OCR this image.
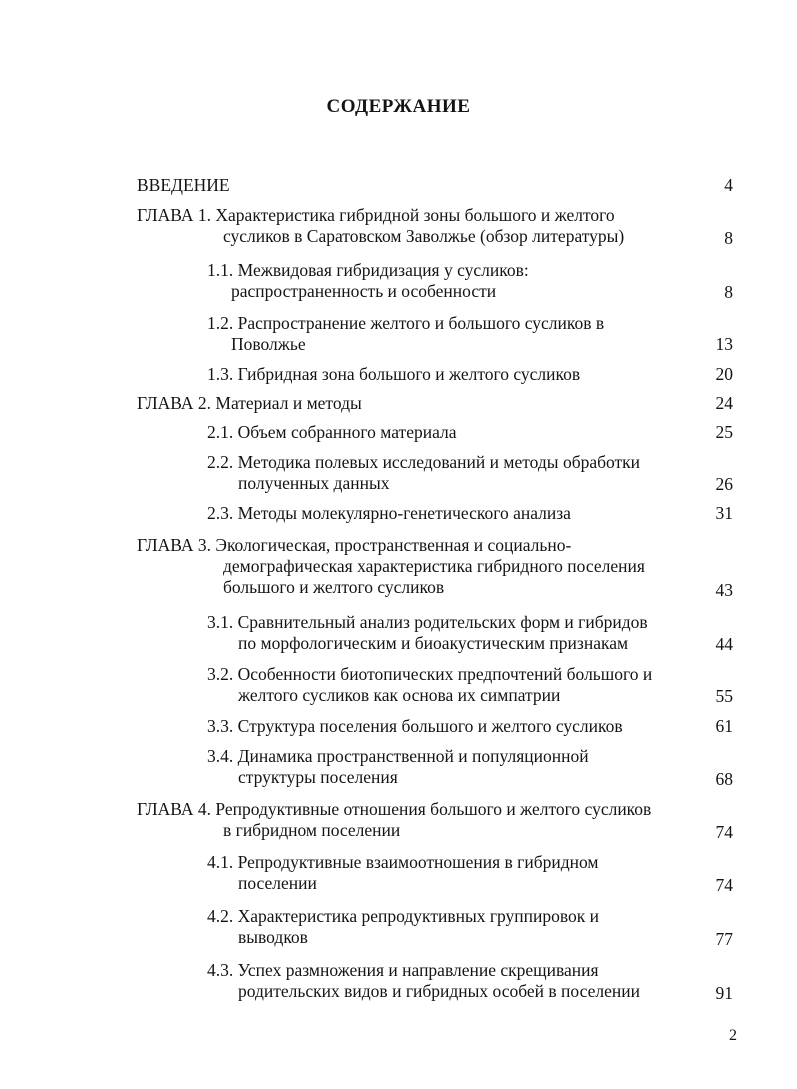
СОДЕРЖАНИЕ
ВВЕДЕНИЕ	4
ГЛАВА 1. Характеристика гибридной зоны большого и желтого
сусликов в Саратовском Заволжье (обзор литературы)	8
1.1. Межвидовая гибридизация у сусликов:
распространенность и особенности	8
1.2. Распространение желтого и большого сусликов в
Поволжье	13
1.3. Гибридная зона большого и желтого сусликов	20
ГЛАВА 2. Материал и методы	24
2.1. Объем собранного материала	25
2.2. Методика полевых исследований и методы обработки
полученных данных	26
2.3. Методы молекулярно-генетического анализа	31
ГЛАВА 3. Экологическая, пространственная и социально-
демографическая характеристика гибридного поселения
большого и желтого сусликов	43
3.1. Сравнительный анализ родительских форм и гибридов
по морфологическим и биоакустическим признакам	44
3.2. Особенности биотопических предпочтений большого и
желтого сусликов как основа их симпатрии	55
3.3. Структура поселения большого и желтого сусликов	61
3.4. Динамика пространственной и популяционной
структуры поселения	68
ГЛАВА 4. Репродуктивные отношения большого и желтого сусликов
в гибридном поселении	74
4.1. Репродуктивные взаимоотношения в гибридном
поселении	74
4.2. Характеристика репродуктивных группировок и
выводков	77
4.3. Успех размножения и направление скрещивания
родительских видов и гибридных особей в поселении	91
2
